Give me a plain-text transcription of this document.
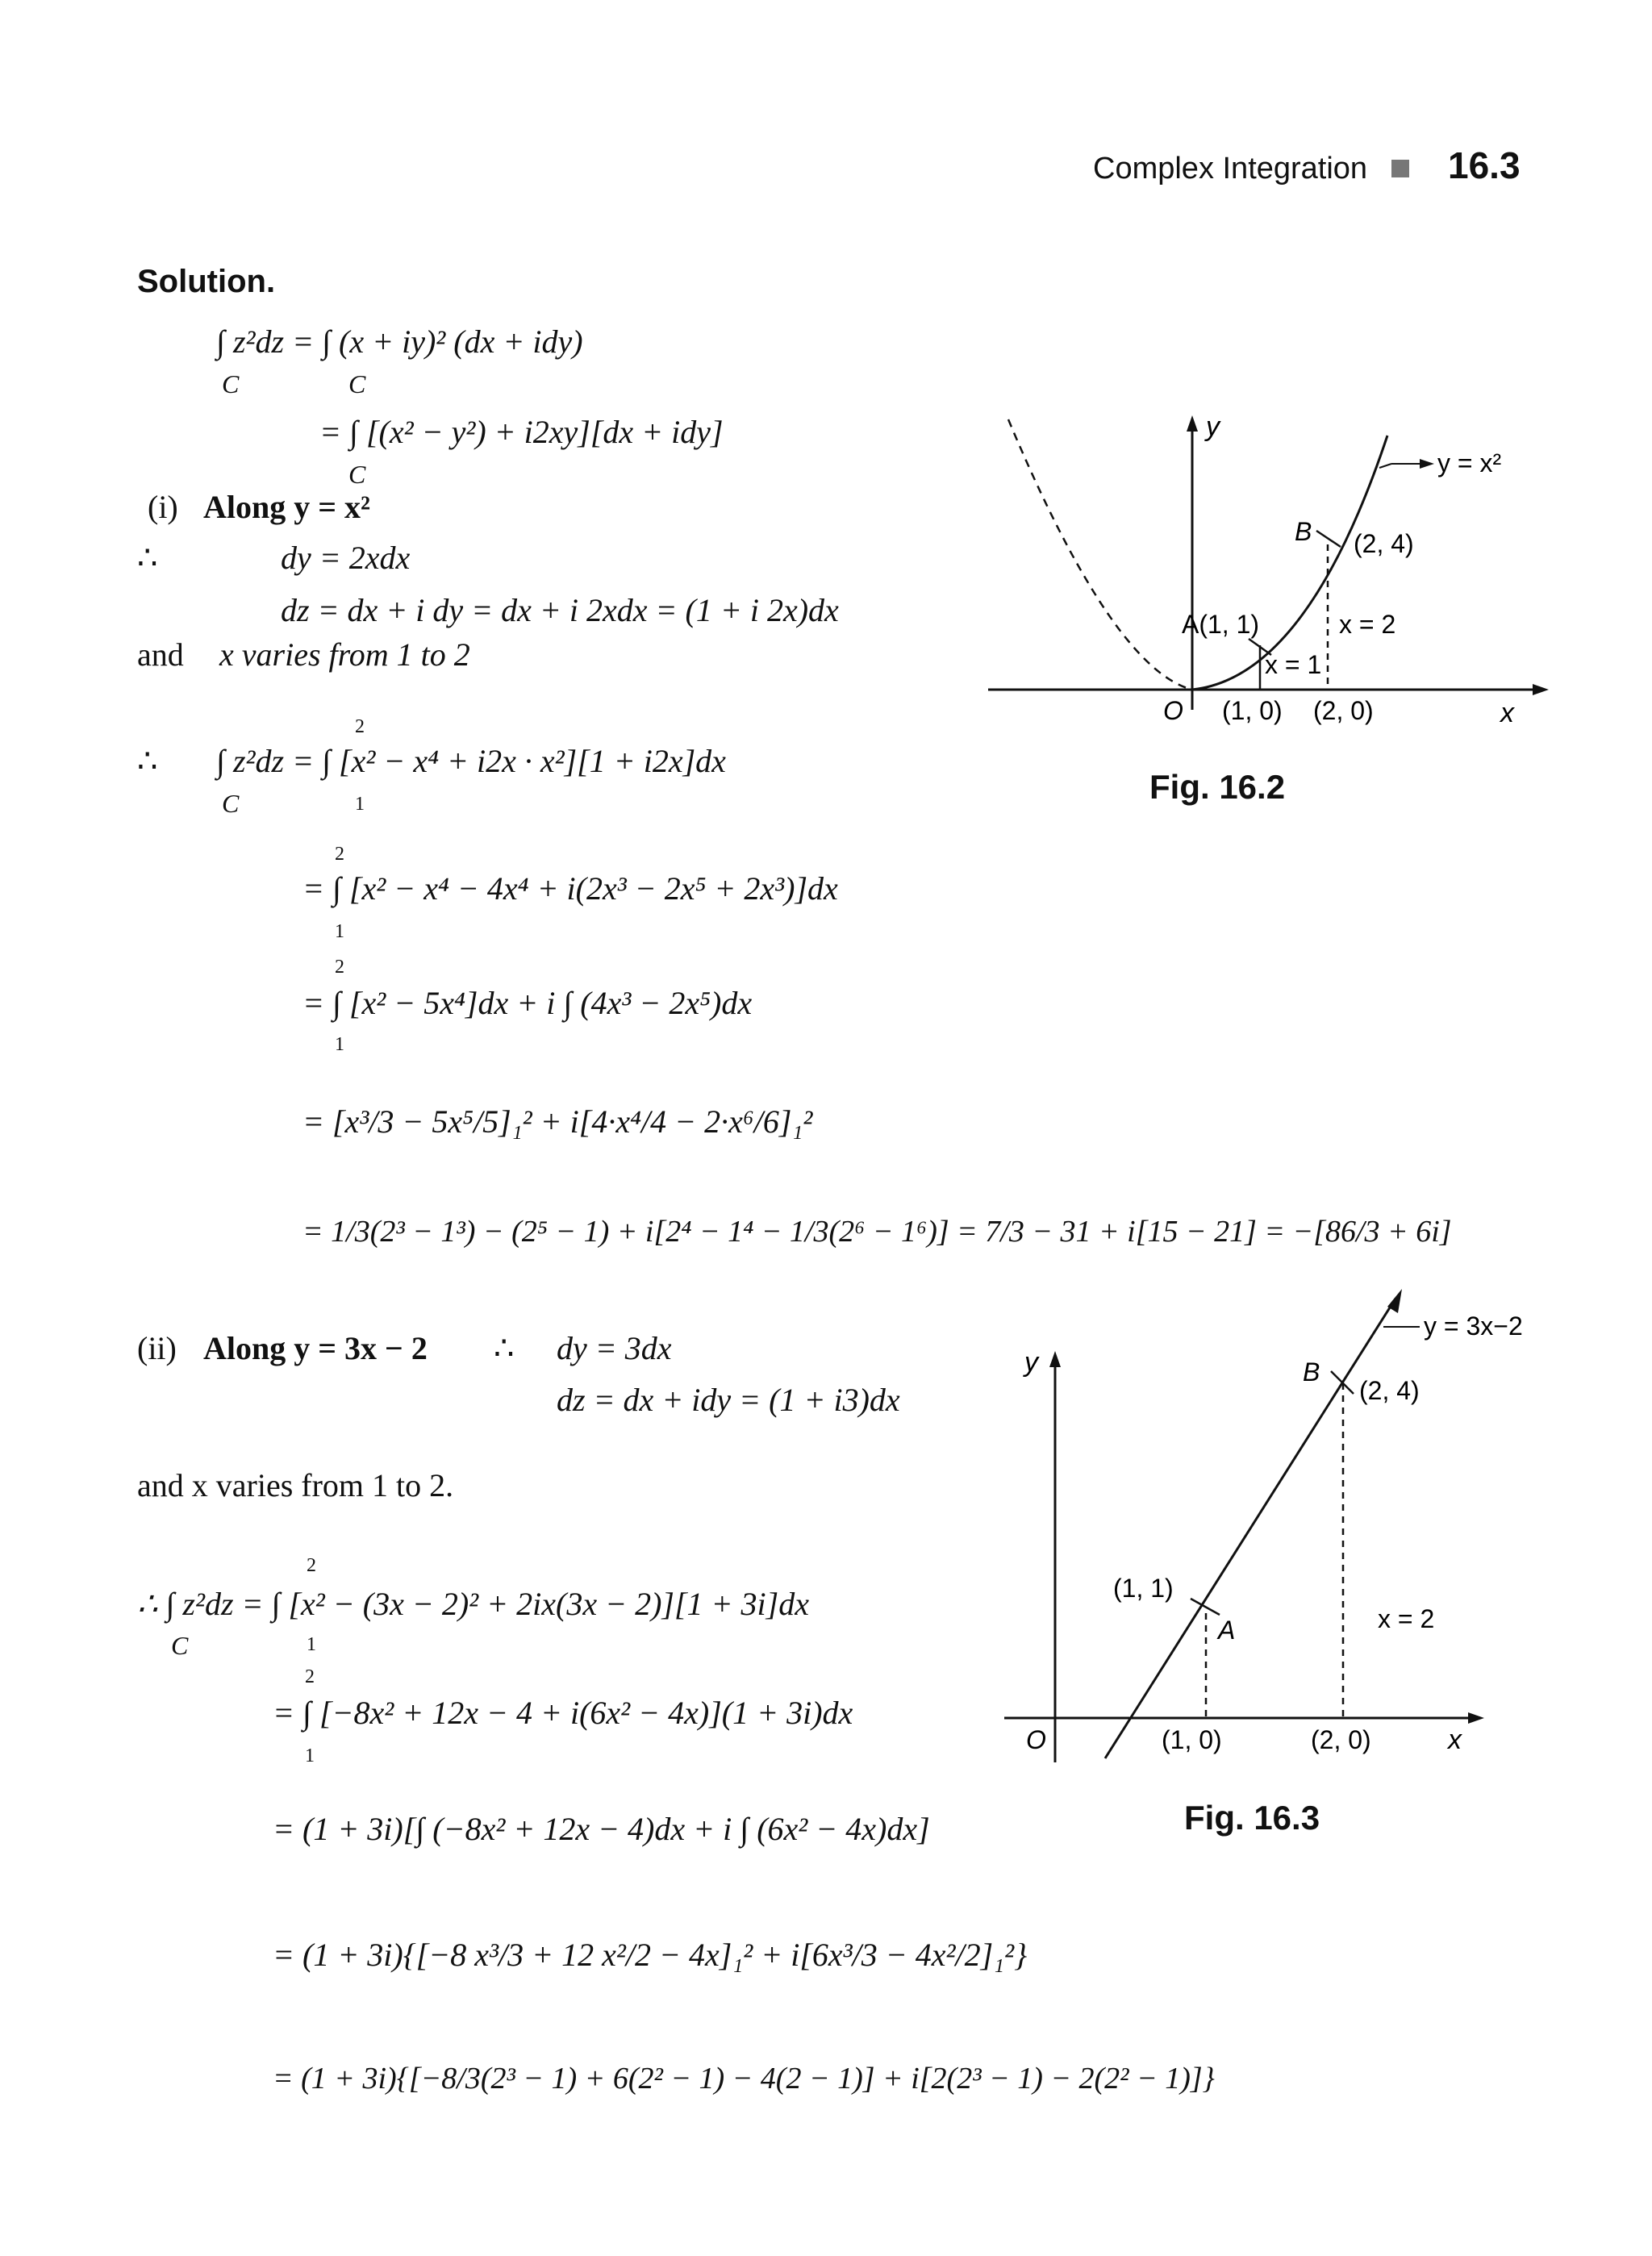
Complex Integration 16.3
Solution.
∫ z²dz = ∫ (x + iy)² (dx + idy)
C	C
= ∫ [(x² − y²) + i2xy][dx + idy]
C
(i) Along y = x²
∴	dy = 2xdx
dz = dx + i dy = dx + i 2xdx = (1 + i 2x)dx
and x varies from 1 to 2
∴ ∫ z²dz = ∫ [x² − x⁴ + i2x · x²][1 + i2x]dx
2
1
C
= ∫ [x² − x⁴ − 4x⁴ + i(2x³ − 2x⁵ + 2x³)]dx
2
1
= ∫ [x² − 5x⁴]dx + i ∫ (4x³ − 2x⁵)dx
2
1
= [x³/3 − 5x⁵/5]₁² + i[4·x⁴/4 − 2·x⁶/6]₁²
= 1/3(2³ − 1³) − (2⁵ − 1) + i[2⁴ − 1⁴ − 1/3(2⁶ − 1⁶)] = 7/3 − 31 + i[15 − 21] = −[86/3 + 6i]
(ii) Along y = 3x − 2 ∴ dy = 3dx
dz = dx + idy = (1 + i3)dx
and x varies from 1 to 2.
∴ ∫ z²dz = ∫ [x² − (3x − 2)² + 2ix(3x − 2)][1 + 3i]dx
2
1
C
= ∫ [−8x² + 12x − 4 + i(6x² − 4x)](1 + 3i)dx
2
1
= (1 + 3i)[∫ (−8x² + 12x − 4)dx + i ∫ (6x² − 4x)dx]
= (1 + 3i){[−8 x³/3 + 12 x²/2 − 4x]₁² + i[6x³/3 − 4x²/2]₁²}
= (1 + 3i){[−8/3(2³ − 1) + 6(2² − 1) − 4(2 − 1)] + i[2(2³ − 1) − 2(2² − 1)]}
y
x
O
y = x²
B (2, 4)
A(1, 1)	x = 2
x = 1
(1, 0) (2, 0)
Fig. 16.2
y
x
O
y = 3x−2
B
(2, 4)
(1, 1)
A	x = 2
(1, 0)	(2, 0)
Fig. 16.3
